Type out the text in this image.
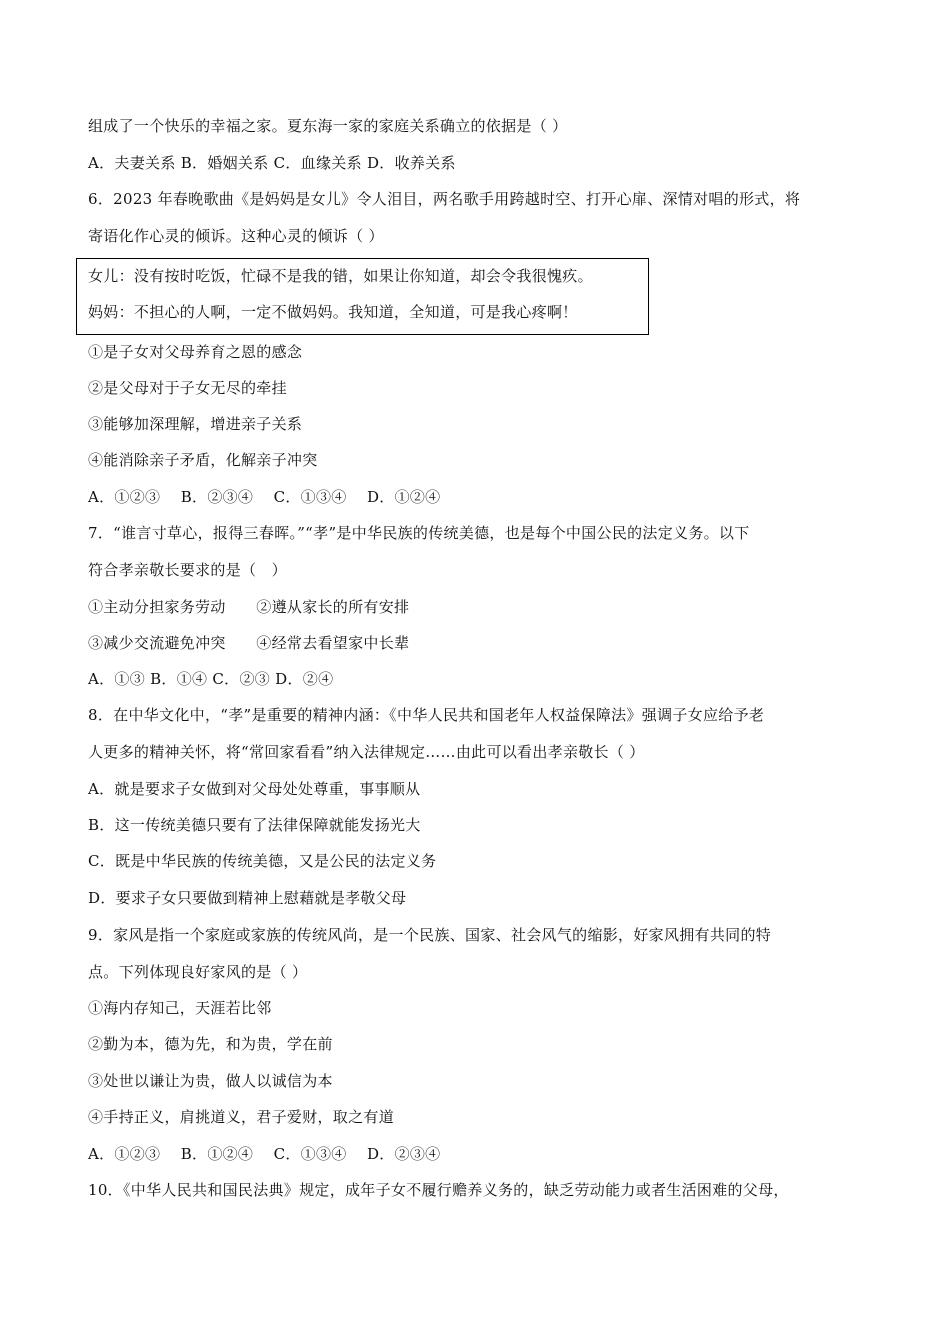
组成了一个快乐的幸福之家。夏东海一家的家庭关系确立的依据是（ ）
A．夫妻关系 B．婚姻关系 C．血缘关系 D．收养关系
6．2023 年春晚歌曲《是妈妈是女儿》令人泪目，两名歌手用跨越时空、打开心扉、深情对唱的形式，将
寄语化作心灵的倾诉。这种心灵的倾诉（ ）
女儿：没有按时吃饭，忙碌不是我的错，如果让你知道，却会令我很愧疚。
妈妈：不担心的人啊，一定不做妈妈。我知道，全知道，可是我心疼啊！
①是子女对父母养育之恩的感念
②是父母对于子女无尽的牵挂
③能够加深理解，增进亲子关系
④能消除亲子矛盾，化解亲子冲突
A．①②③　 B．②③④　 C．①③④　 D．①②④
7．“谁言寸草心，报得三春晖。”“孝”是中华民族的传统美德，也是每个中国公民的法定义务。以下
符合孝亲敬长要求的是（　）
①主动分担家务劳动　　②遵从家长的所有安排
③减少交流避免冲突　　④经常去看望家中长辈
A．①③ B．①④ C．②③ D．②④
8．在中华文化中，“孝”是重要的精神内涵：《中华人民共和国老年人权益保障法》强调子女应给予老
人更多的精神关怀，将“常回家看看”纳入法律规定……由此可以看出孝亲敬长（ ）
A．就是要求子女做到对父母处处尊重，事事顺从
B．这一传统美德只要有了法律保障就能发扬光大
C．既是中华民族的传统美德，又是公民的法定义务
D．要求子女只要做到精神上慰藉就是孝敬父母
9．家风是指一个家庭或家族的传统风尚，是一个民族、国家、社会风气的缩影，好家风拥有共同的特
点。下列体现良好家风的是（ ）
①海内存知己，天涯若比邻
②勤为本，德为先，和为贵，学在前
③处世以谦让为贵，做人以诚信为本
④手持正义，肩挑道义，君子爱财，取之有道
A．①②③　 B．①②④　 C．①③④　 D．②③④
10．《中华人民共和国民法典》规定，成年子女不履行赡养义务的，缺乏劳动能力或者生活困难的父母，
